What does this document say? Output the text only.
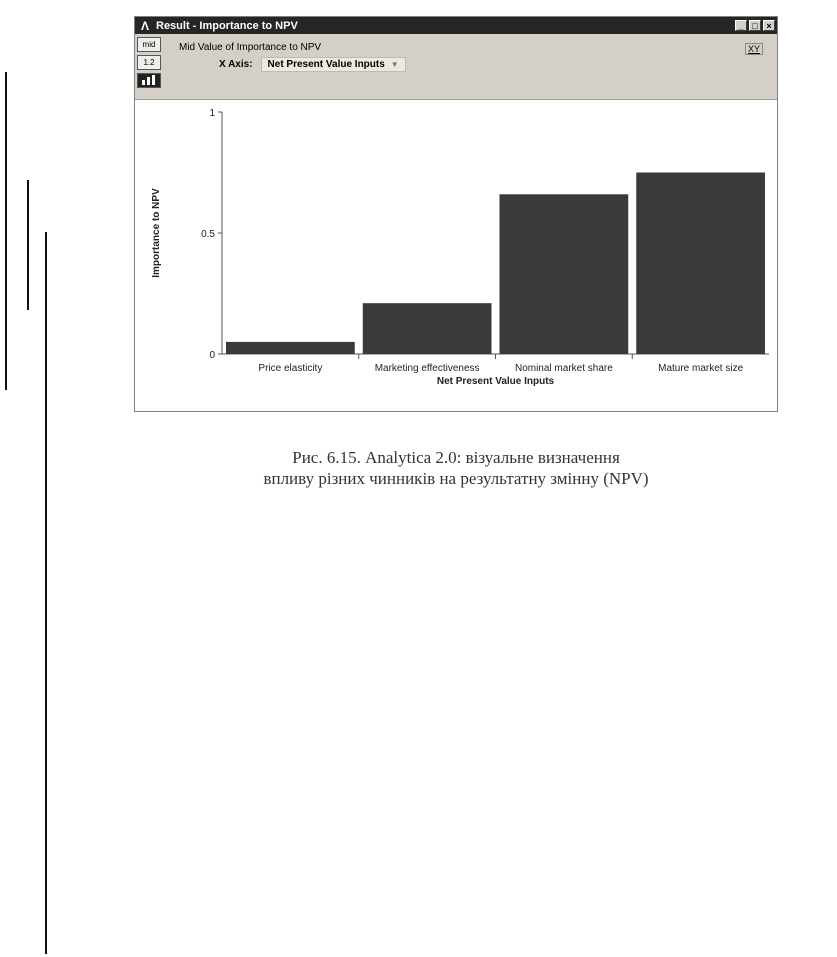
Λ Result - Importance to NPV	_ □ ×
mid
1.2
Mid Value of Importance to NPV
X Axis: Net Present Value Inputs ▼
XY
0
0.5
1
Price elasticity	Marketing effectiveness	Nominal market share	Mature market size
Net Present Value Inputs
Importance to NPV
Рис. 6.15. Analytica 2.0: візуальне визначення
впливу різних чинників на результатну змінну (NPV)
